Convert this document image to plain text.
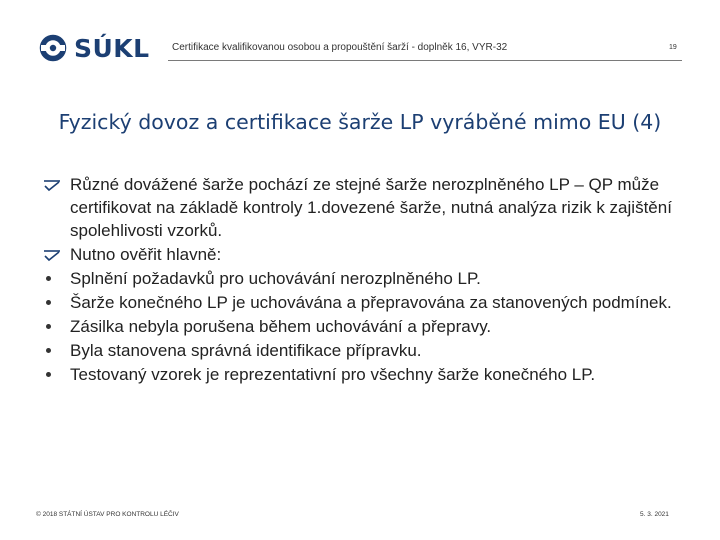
SÚKL Certifikace kvalifikovanou osobou a propouštění šarží - doplněk 16, VYR-32	19
Fyzický dovoz a certifikace šarže LP vyráběné mimo EU (4)
Různé dovážené šarže pochází ze stejné šarže nerozplněného LP – QP může certifikovat na základě kontroly 1.dovezené šarže, nutná analýza rizik k zajištění spolehlivosti vzorků.
Nutno ověřit hlavně:
Splnění požadavků pro uchovávání nerozplněného LP.
Šarže konečného LP je uchovávána a přepravována za stanovených podmínek.
Zásilka nebyla porušena během uchovávání a přepravy.
Byla stanovena správná identifikace přípravku.
Testovaný vzorek je reprezentativní pro všechny šarže konečného LP.
© 2018 STÁTNÍ ÚSTAV PRO KONTROLU LÉČIV	5. 3. 2021
